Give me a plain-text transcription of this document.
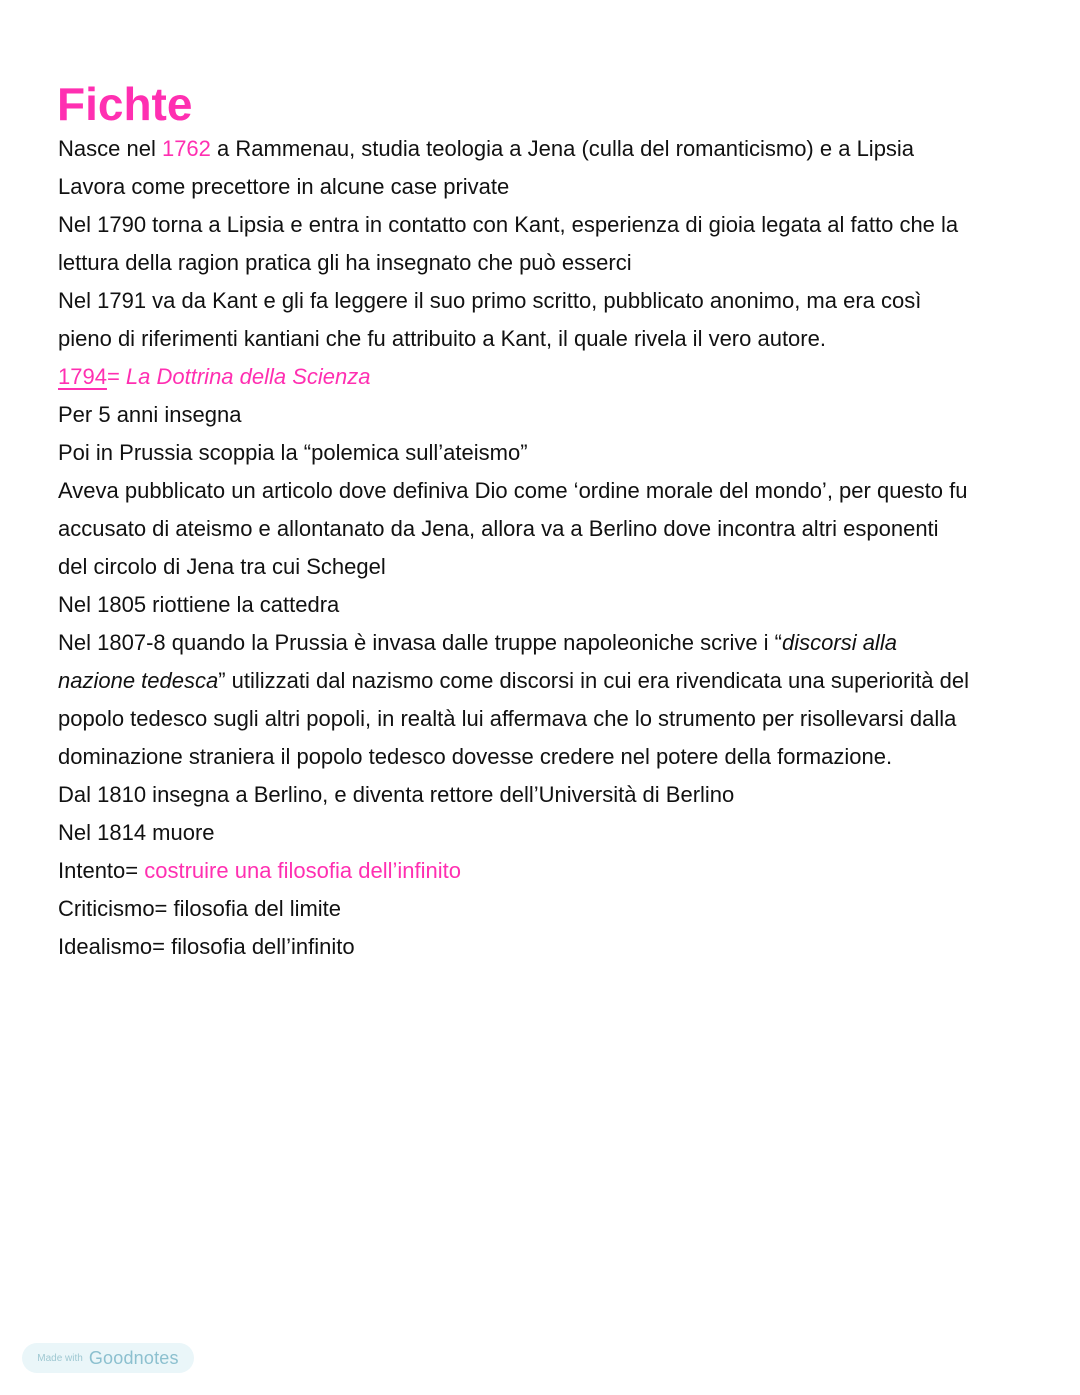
Fichte

Nasce nel 1762 a Rammenau, studia teologia a Jena (culla del romanticismo) e a Lipsia

Lavora come precettore in alcune case private

Nel 1790 torna a Lipsia e entra in contatto con Kant, esperienza di gioia legata al fatto che la

lettura della ragion pratica gli ha insegnato che può esserci

Nel 1791 va da Kant e gli fa leggere il suo primo scritto, pubblicato anonimo, ma era così

pieno di riferimenti kantiani che fu attribuito a Kant, il quale rivela il vero autore.

1794= La Dottrina della Scienza

Per 5 anni insegna

Poi in Prussia scoppia la “polemica sull’ateismo”

Aveva pubblicato un articolo dove definiva Dio come ‘ordine morale del mondo’, per questo fu

accusato di ateismo e allontanato da Jena, allora va a Berlino dove incontra altri esponenti

del circolo di Jena tra cui Schegel

Nel 1805 riottiene la cattedra

Nel 1807-8 quando la Prussia è invasa dalle truppe napoleoniche scrive i “discorsi alla

nazione tedesca” utilizzati dal nazismo come discorsi in cui era rivendicata una superiorità del

popolo tedesco sugli altri popoli, in realtà lui affermava che lo strumento per risollevarsi dalla

dominazione straniera il popolo tedesco dovesse credere nel potere della formazione.

Dal 1810 insegna a Berlino, e diventa rettore dell’Università di Berlino

Nel 1814 muore

Intento= costruire una filosofia dell’infinito

Criticismo= filosofia del limite

Idealismo= filosofia dell’infinito

Made with Goodnotes
